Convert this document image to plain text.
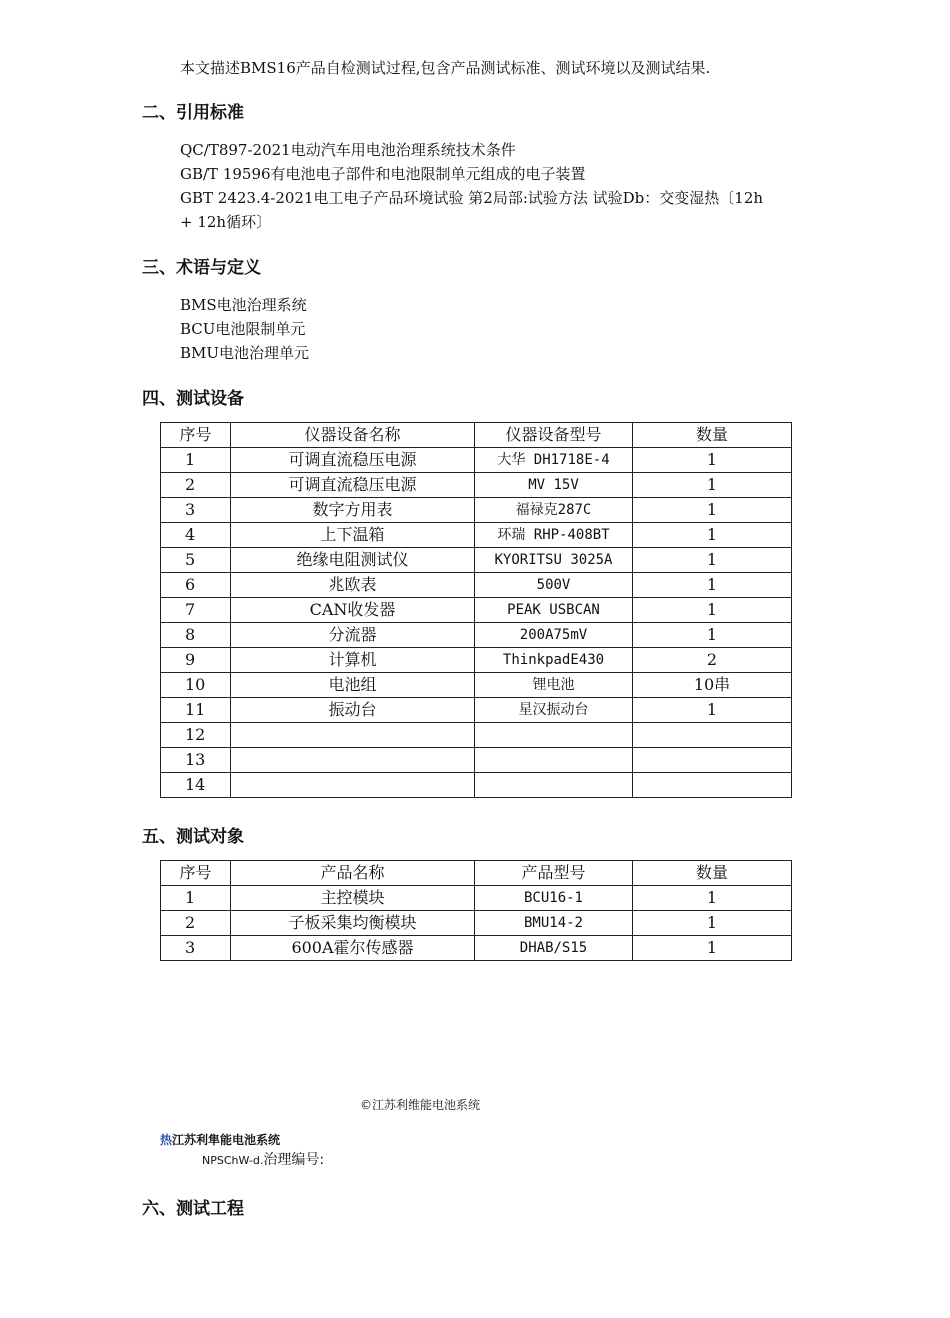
本文描述BMS16产品自检测试过程,包含产品测试标准、测试环境以及测试结果.
二、引用标准
QC/T897-2021电动汽车用电池治理系统技术条件
GB/T 19596有电池电子部件和电池限制单元组成的电子装置
GBT 2423.4-2021电工电子产品环境试验 第2局部:试验方法 试验Db：交变湿热〔12h
+ 12h循环〕
三、术语与定义
BMS电池治理系统
BCU电池限制单元
BMU电池治理单元
四、测试设备
序号	仪器设备名称	仪器设备型号	数量
1	可调直流稳压电源	大华 DH1718E-4	1
2	可调直流稳压电源	MV 15V	1
3	数字方用表	福禄克287C	1
4	上下温箱	环瑞 RHP-408BT	1
5	绝缘电阻测试仪	KYORITSU 3025A	1
6	兆欧表	500V	1
7	CAN收发器	PEAK USBCAN	1
8	分流器	200A75mV	1
9	计算机	ThinkpadE430	2
10	电池组	锂电池	10串
11	振动台	星汉振动台	1
12			
13			
14			
五、测试对象
序号	产品名称	产品型号	数量
1	主控模块	BCU16-1	1
2	子板采集均衡模块	BMU14-2	1
3	600A霍尔传感器	DHAB/S15	1
©江苏利维能电池系统
热江苏利隼能电池系统
NPSChW-d.治理编号:
六、测试工程
